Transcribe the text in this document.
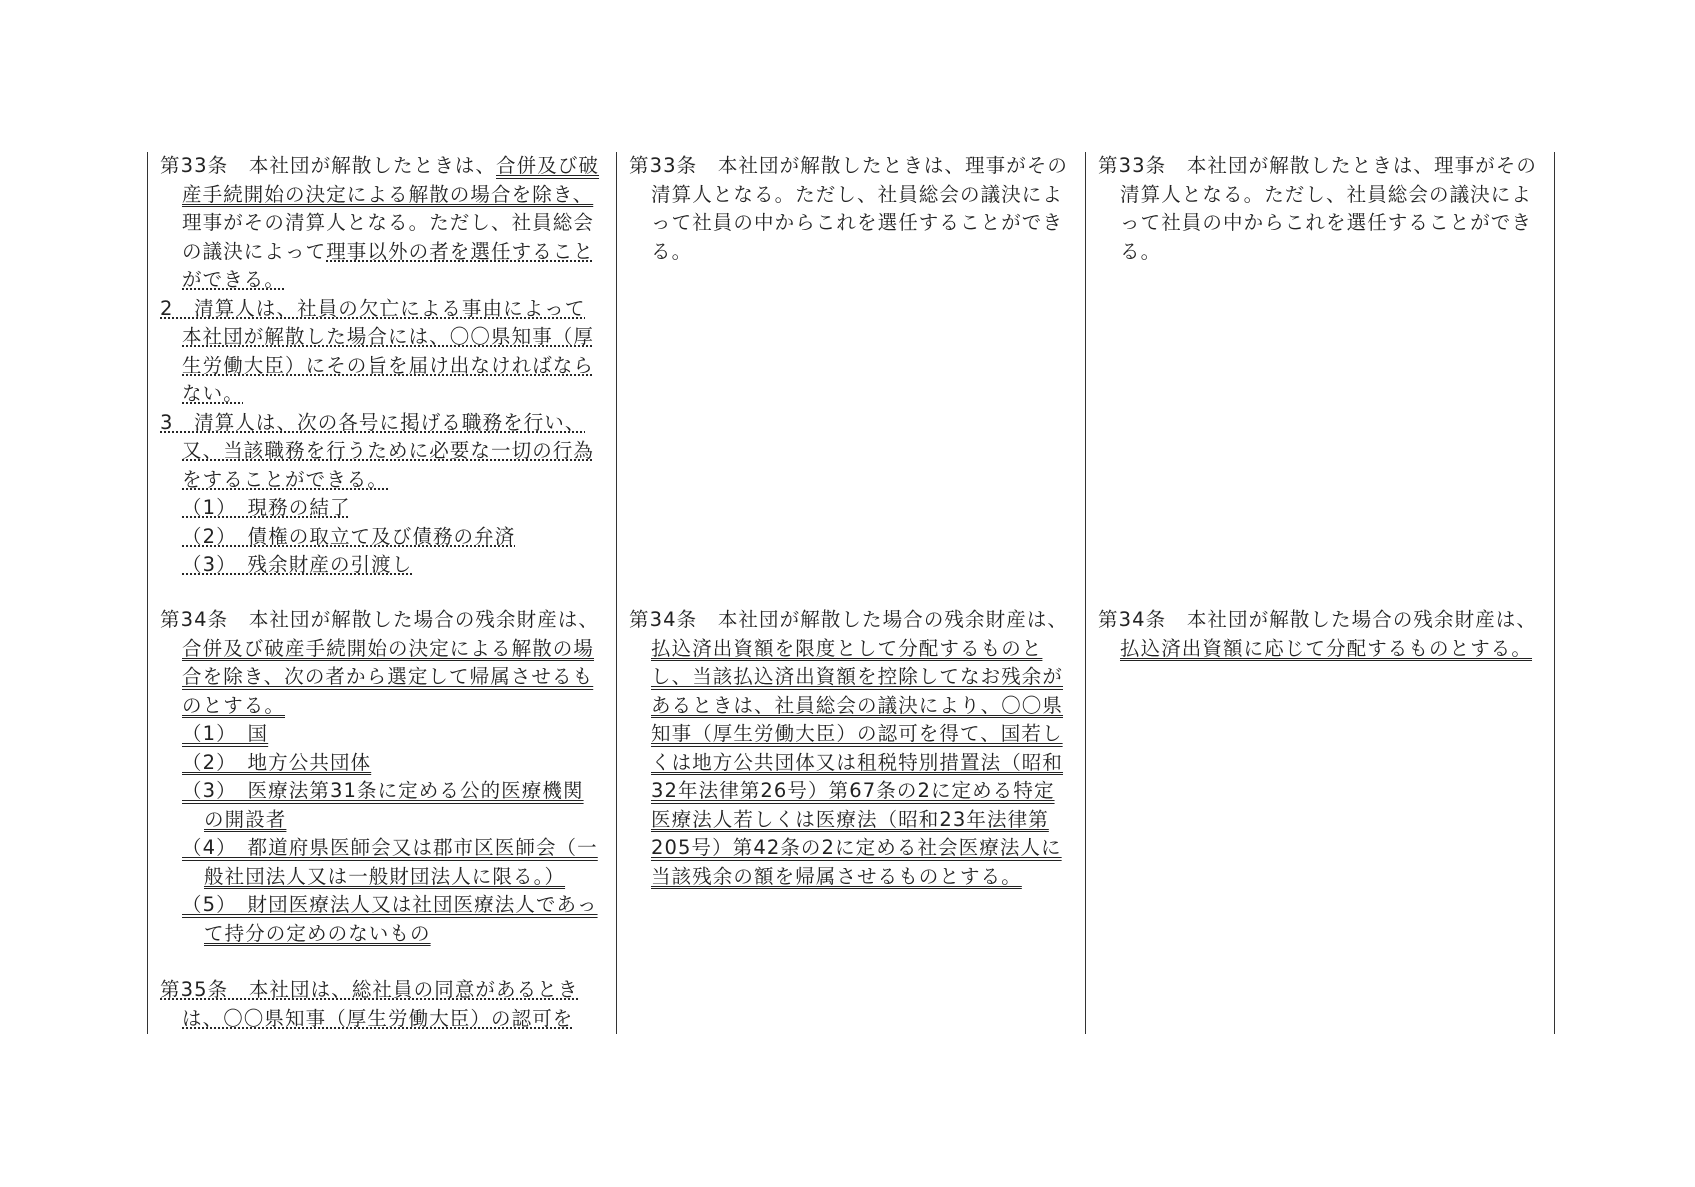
第33条　本社団が解散したときは、合併及び破産手続開始の決定による解散の場合を除き、理事がその清算人となる。ただし、社員総会の議決によって理事以外の者を選任することができる。

2　清算人は、社員の欠亡による事由によって本社団が解散した場合には、〇〇県知事（厚生労働大臣）にその旨を届け出なければならない。

3　清算人は、次の各号に掲げる職務を行い、又、当該職務を行うために必要な一切の行為をすることができる。

（1）　現務の結了

（2）　債権の取立て及び債務の弁済

（3）　残余財産の引渡し

第34条　本社団が解散した場合の残余財産は、合併及び破産手続開始の決定による解散の場合を除き、次の者から選定して帰属させるものとする。

（1）　国

（2）　地方公共団体

（3）　医療法第31条に定める公的医療機関の開設者

（4）　都道府県医師会又は郡市区医師会（一般社団法人又は一般財団法人に限る。）

（5）　財団医療法人又は社団医療法人であって持分の定めのないもの

第35条　本社団は、総社員の同意があるときは、〇〇県知事（厚生労働大臣）の認可を

第33条　本社団が解散したときは、理事がその清算人となる。ただし、社員総会の議決によって社員の中からこれを選任することができる。

第34条　本社団が解散した場合の残余財産は、払込済出資額を限度として分配するものとし、当該払込済出資額を控除してなお残余があるときは、社員総会の議決により、〇〇県知事（厚生労働大臣）の認可を得て、国若しくは地方公共団体又は租税特別措置法（昭和32年法律第26号）第67条の2に定める特定医療法人若しくは医療法（昭和23年法律第205号）第42条の2に定める社会医療法人に当該残余の額を帰属させるものとする。

第33条　本社団が解散したときは、理事がその清算人となる。ただし、社員総会の議決によって社員の中からこれを選任することができる。

第34条　本社団が解散した場合の残余財産は、払込済出資額に応じて分配するものとする。
